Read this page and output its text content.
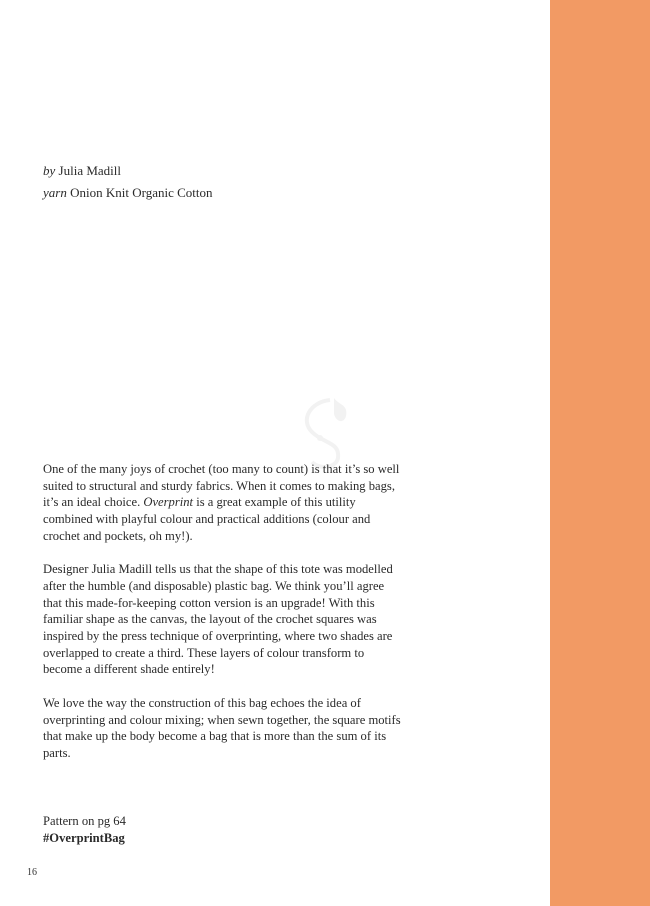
by Julia Madill
yarn Onion Knit Organic Cotton

One of the many joys of crochet (too many to count) is that it’s so well suited to structural and sturdy fabrics. When it comes to making bags, it’s an ideal choice. Overprint is a great example of this utility combined with playful colour and practical additions (colour and crochet and pockets, oh my!).

Designer Julia Madill tells us that the shape of this tote was modelled after the humble (and disposable) plastic bag. We think you’ll agree that this made-for-keeping cotton version is an upgrade! With this familiar shape as the canvas, the layout of the crochet squares was inspired by the press technique of overprinting, where two shades are overlapped to create a third. These layers of colour transform to become a different shade entirely!

We love the way the construction of this bag echoes the idea of overprinting and colour mixing; when sewn together, the square motifs that make up the body become a bag that is more than the sum of its parts.

Pattern on pg 64
#OverprintBag
16
